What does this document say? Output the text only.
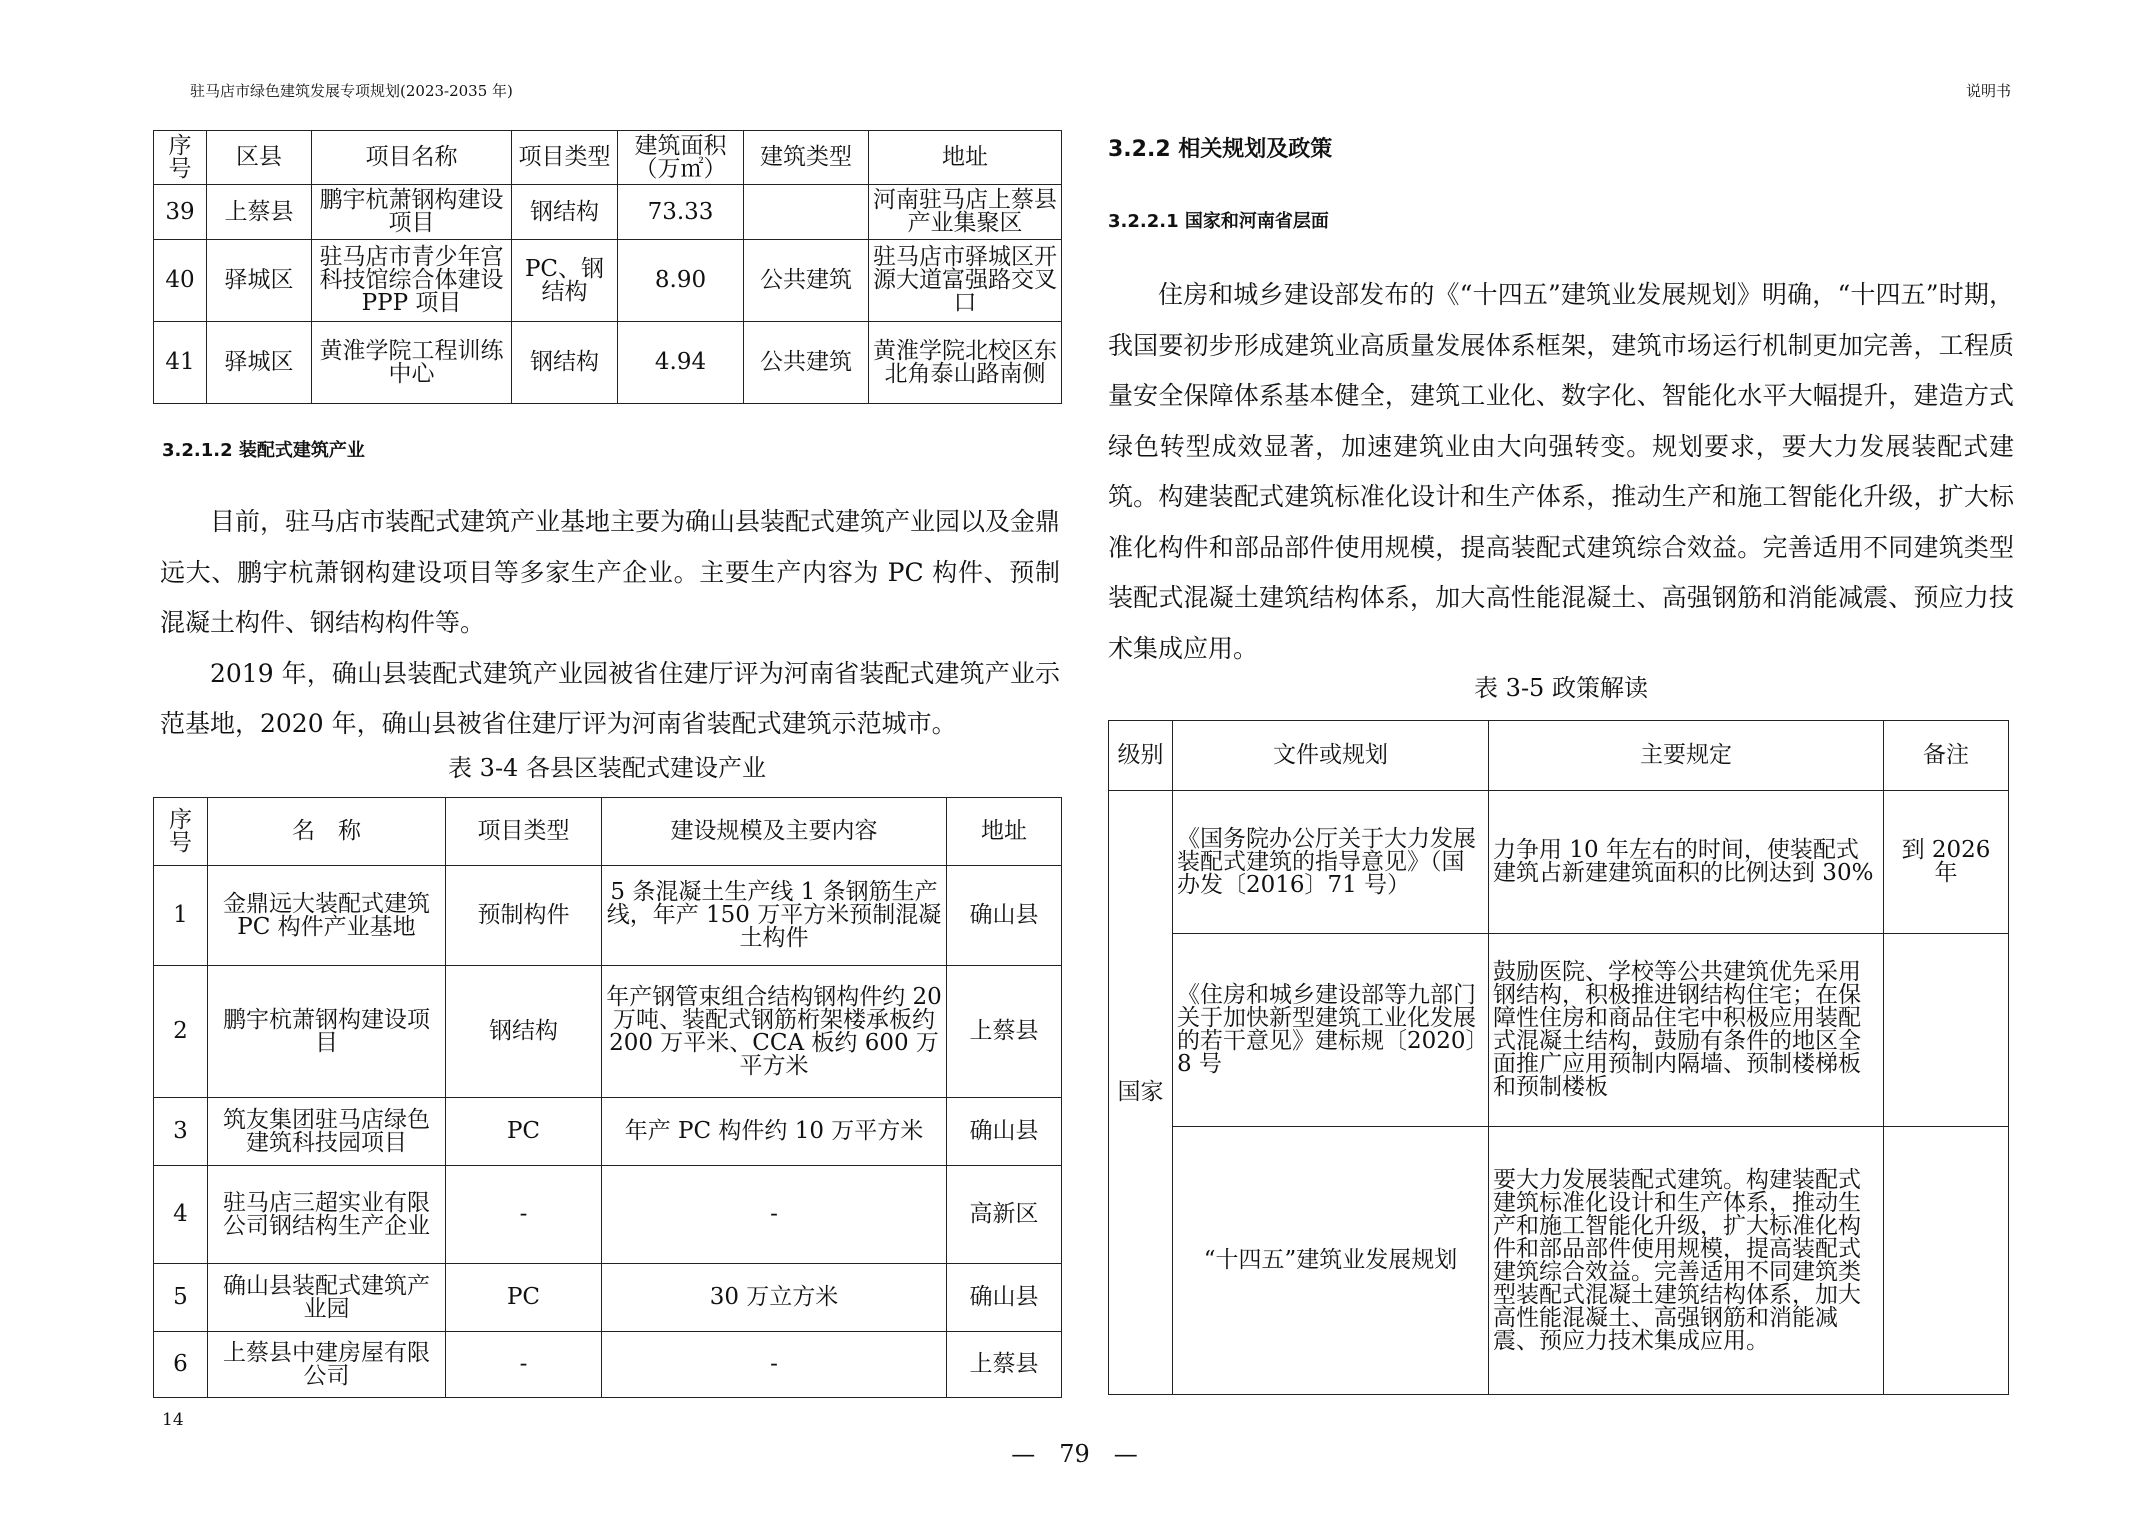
驻马店市绿色建筑发展专项规划(2023-2035 年)	说明书
序号	区县	项目名称	项目类型	建筑面积（万㎡）	建筑类型	地址
39	上蔡县	鹏宇杭萧钢构建设项目	钢结构	73.33		河南驻马店上蔡县产业集聚区
40	驿城区	驻马店市青少年宫科技馆综合体建设 PPP 项目	PC、钢结构	8.90	公共建筑	驻马店市驿城区开源大道富强路交叉口
41	驿城区	黄淮学院工程训练中心	钢结构	4.94	公共建筑	黄淮学院北校区东北角泰山路南侧
3.2.1.2 装配式建筑产业

目前，驻马店市装配式建筑产业基地主要为确山县装配式建筑产业园以及金鼎远大、鹏宇杭萧钢构建设项目等多家生产企业。主要生产内容为 PC 构件、预制混凝土构件、钢结构构件等。

2019 年，确山县装配式建筑产业园被省住建厅评为河南省装配式建筑产业示范基地，2020 年，确山县被省住建厅评为河南省装配式建筑示范城市。

表 3-4 各县区装配式建设产业
序号	名　称	项目类型	建设规模及主要内容	地址
1	金鼎远大装配式建筑 PC 构件产业基地	预制构件	5 条混凝土生产线 1 条钢筋生产线，年产 150 万平方米预制混凝土构件	确山县
2	鹏宇杭萧钢构建设项目	钢结构	年产钢管束组合结构钢构件约 20 万吨、装配式钢筋桁架楼承板约 200 万平米、CCA 板约 600 万平方米	上蔡县
3	筑友集团驻马店绿色建筑科技园项目	PC	年产 PC 构件约 10 万平方米	确山县
4	驻马店三超实业有限公司钢结构生产企业	-	-	高新区
5	确山县装配式建筑产业园	PC	30 万立方米	确山县
6	上蔡县中建房屋有限公司	-	-	上蔡县
3.2.2 相关规划及政策
3.2.2.1 国家和河南省层面

住房和城乡建设部发布的《“十四五”建筑业发展规划》明确，“十四五”时期，我国要初步形成建筑业高质量发展体系框架，建筑市场运行机制更加完善，工程质量安全保障体系基本健全，建筑工业化、数字化、智能化水平大幅提升，建造方式绿色转型成效显著，加速建筑业由大向强转变。规划要求，要大力发展装配式建筑。构建装配式建筑标准化设计和生产体系，推动生产和施工智能化升级，扩大标准化构件和部品部件使用规模，提高装配式建筑综合效益。完善适用不同建筑类型装配式混凝土建筑结构体系，加大高性能混凝土、高强钢筋和消能减震、预应力技术集成应用。

表 3-5 政策解读
级别	文件或规划	主要规定	备注
国家	《国务院办公厅关于大力发展装配式建筑的指导意见》（国办发〔2016〕71 号）	力争用 10 年左右的时间，使装配式建筑占新建建筑面积的比例达到 30%	到 2026 年
	《住房和城乡建设部等九部门关于加快新型建筑工业化发展的若干意见》建标规〔2020〕8 号	鼓励医院、学校等公共建筑优先采用钢结构，积极推进钢结构住宅；在保障性住房和商品住宅中积极应用装配式混凝土结构，鼓励有条件的地区全面推广应用预制内隔墙、预制楼梯板和预制楼板	
	“十四五”建筑业发展规划	要大力发展装配式建筑。构建装配式建筑标准化设计和生产体系，推动生产和施工智能化升级，扩大标准化构件和部品部件使用规模，提高装配式建筑综合效益。完善适用不同建筑类型装配式混凝土建筑结构体系，加大高性能混凝土、高强钢筋和消能减震、预应力技术集成应用。	
14
—　79　—
